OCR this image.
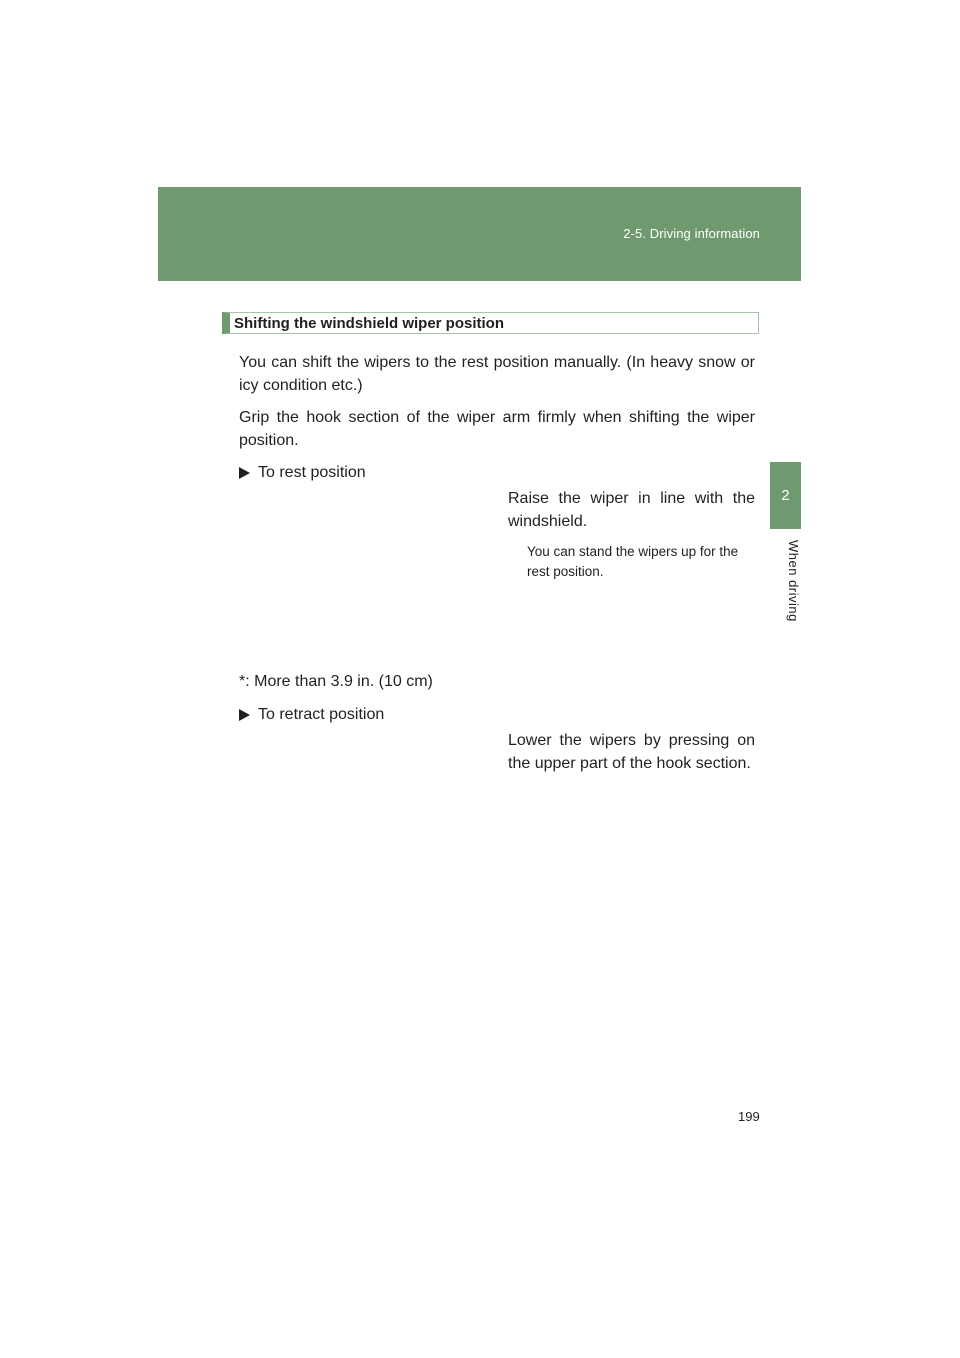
2-5. Driving information
2
When driving
Shifting the windshield wiper position

You can shift the wipers to the rest position manually. (In heavy snow or icy condition etc.)

Grip the hook section of the wiper arm firmly when shifting the wiper position.

To rest position

Raise the wiper in line with the windshield.

You can stand the wipers up for the rest position.

*: More than 3.9 in. (10 cm)
To retract position

Lower the wipers by pressing on the upper part of the hook section.

199
